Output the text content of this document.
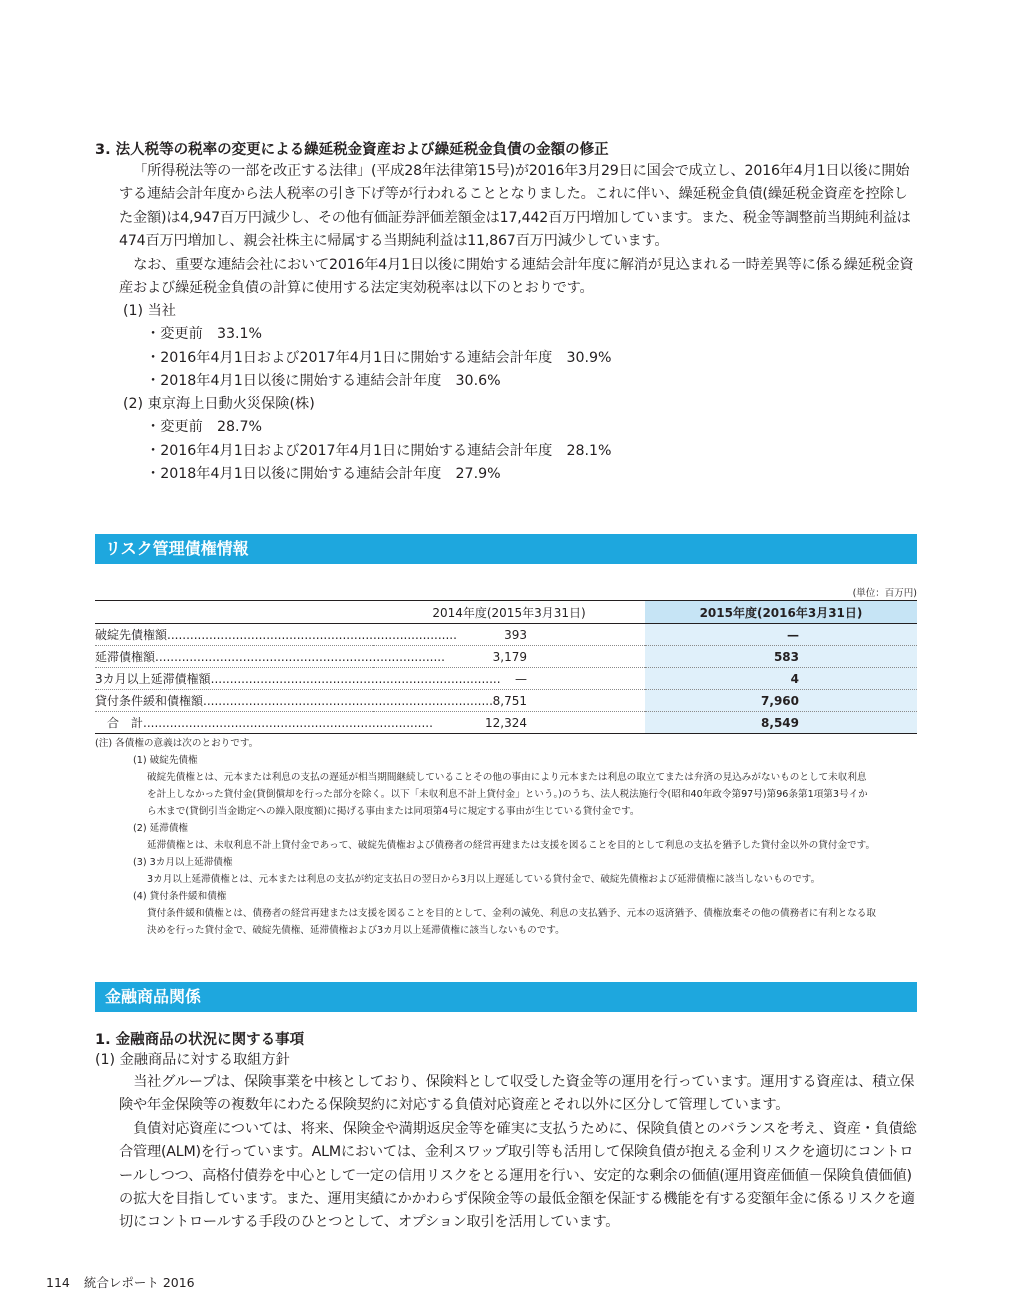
3. 法人税等の税率の変更による繰延税金資産および繰延税金負債の金額の修正

「所得税法等の一部を改正する法律」(平成28年法律第15号)が2016年3月29日に国会で成立し、2016年4月1日以後に開始する連結会計年度から法人税率の引き下げ等が行われることとなりました。これに伴い、繰延税金負債(繰延税金資産を控除した金額)は4,947百万円減少し、その他有価証券評価差額金は17,442百万円増加しています。また、税金等調整前当期純利益は474百万円増加し、親会社株主に帰属する当期純利益は11,867百万円減少しています。

なお、重要な連結会社において2016年4月1日以後に開始する連結会計年度に解消が見込まれる一時差異等に係る繰延税金資産および繰延税金負債の計算に使用する法定実効税率は以下のとおりです。

(1) 当社
・変更前　33.1%
・2016年4月1日および2017年4月1日に開始する連結会計年度　30.9%
・2018年4月1日以後に開始する連結会計年度　30.6%
(2) 東京海上日動火災保険(株)
・変更前　28.7%
・2016年4月1日および2017年4月1日に開始する連結会計年度　28.1%
・2018年4月1日以後に開始する連結会計年度　27.9%
リスク管理債権情報
(単位：百万円)
	2014年度(2015年3月31日)	2015年度(2016年3月31日)
破綻先債権額............................................................................	393	—
延滞債権額............................................................................	3,179	583
3カ月以上延滞債権額............................................................................	—	4
貸付条件緩和債権額............................................................................	8,751	7,960
合　計............................................................................	12,324	8,549
(注) 各債権の意義は次のとおりです。
(1) 破綻先債権
破綻先債権とは、元本または利息の支払の遅延が相当期間継続していることその他の事由により元本または利息の取立てまたは弁済の見込みがないものとして未収利息
を計上しなかった貸付金(貸倒償却を行った部分を除く。以下「未収利息不計上貸付金」という。)のうち、法人税法施行令(昭和40年政令第97号)第96条第1項第3号イか
ら木まで(貸倒引当金勘定への繰入限度額)に掲げる事由または同項第4号に規定する事由が生じている貸付金です。
(2) 延滞債権
延滞債権とは、未収利息不計上貸付金であって、破綻先債権および債務者の経営再建または支援を図ることを目的として利息の支払を猶予した貸付金以外の貸付金です。
(3) 3カ月以上延滞債権
3カ月以上延滞債権とは、元本または利息の支払が約定支払日の翌日から3月以上遅延している貸付金で、破綻先債権および延滞債権に該当しないものです。
(4) 貸付条件緩和債権
貸付条件緩和債権とは、債務者の経営再建または支援を図ることを目的として、金利の減免、利息の支払猶予、元本の返済猶予、債権放棄その他の債務者に有利となる取
決めを行った貸付金で、破綻先債権、延滞債権および3カ月以上延滞債権に該当しないものです。
金融商品関係
1. 金融商品の状況に関する事項
(1) 金融商品に対する取組方針

当社グループは、保険事業を中核としており、保険料として収受した資金等の運用を行っています。運用する資産は、積立保険や年金保険等の複数年にわたる保険契約に対応する負債対応資産とそれ以外に区分して管理しています。

負債対応資産については、将来、保険金や満期返戻金等を確実に支払うために、保険負債とのバランスを考え、資産・負債総合管理(ALM)を行っています。ALMにおいては、金利スワップ取引等も活用して保険負債が抱える金利リスクを適切にコントロールしつつ、高格付債券を中心として一定の信用リスクをとる運用を行い、安定的な剰余の価値(運用資産価値－保険負債価値)の拡大を目指しています。また、運用実績にかかわらず保険金等の最低金額を保証する機能を有する変額年金に係るリスクを適切にコントロールする手段のひとつとして、オプション取引を活用しています。

114 統合レポート 2016
